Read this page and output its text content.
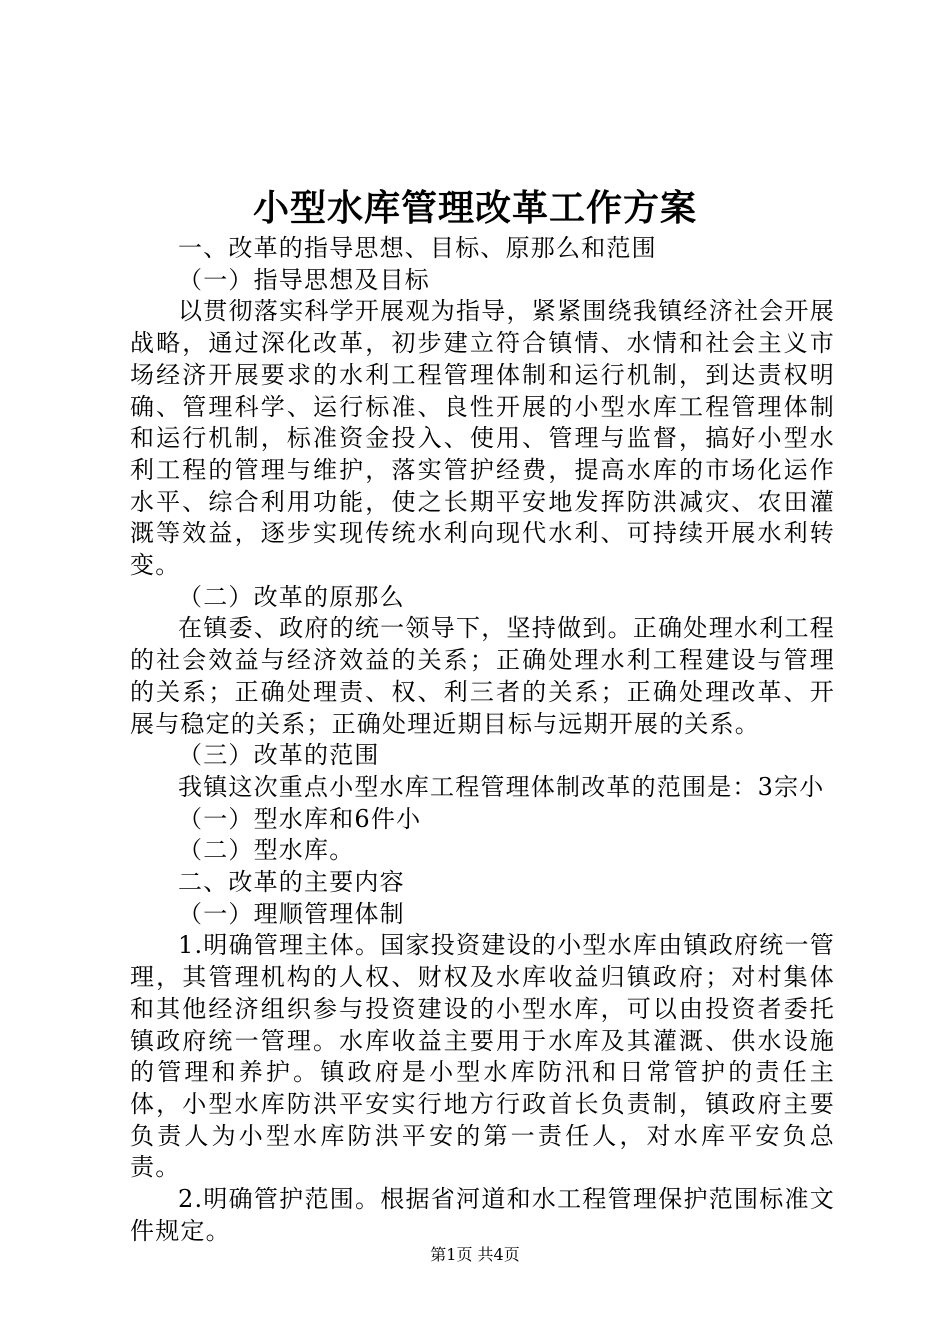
小型水库管理改革工作方案

一、改革的指导思想、目标、原那么和范围

（一）指导思想及目标

以贯彻落实科学开展观为指导，紧紧围绕我镇经济社会开展战略，通过深化改革，初步建立符合镇情、水情和社会主义市场经济开展要求的水利工程管理体制和运行机制，到达责权明确、管理科学、运行标准、良性开展的小型水库工程管理体制和运行机制，标准资金投入、使用、管理与监督，搞好小型水利工程的管理与维护，落实管护经费，提高水库的市场化运作水平、综合利用功能，使之长期平安地发挥防洪减灾、农田灌溉等效益，逐步实现传统水利向现代水利、可持续开展水利转变。

（二）改革的原那么

在镇委、政府的统一领导下，坚持做到。正确处理水利工程的社会效益与经济效益的关系；正确处理水利工程建设与管理的关系；正确处理责、权、利三者的关系；正确处理改革、开展与稳定的关系；正确处理近期目标与远期开展的关系。

（三）改革的范围

我镇这次重点小型水库工程管理体制改革的范围是：3宗小

（一）型水库和6件小

（二）型水库。

二、改革的主要内容

（一）理顺管理体制

1.明确管理主体。国家投资建设的小型水库由镇政府统一管理，其管理机构的人权、财权及水库收益归镇政府；对村集体和其他经济组织参与投资建设的小型水库，可以由投资者委托镇政府统一管理。水库收益主要用于水库及其灌溉、供水设施的管理和养护。镇政府是小型水库防汛和日常管护的责任主体，小型水库防洪平安实行地方行政首长负责制，镇政府主要负责人为小型水库防洪平安的第一责任人，对水库平安负总责。

2.明确管护范围。根据省河道和水工程管理保护范围标准文件规定。

第1页 共4页
